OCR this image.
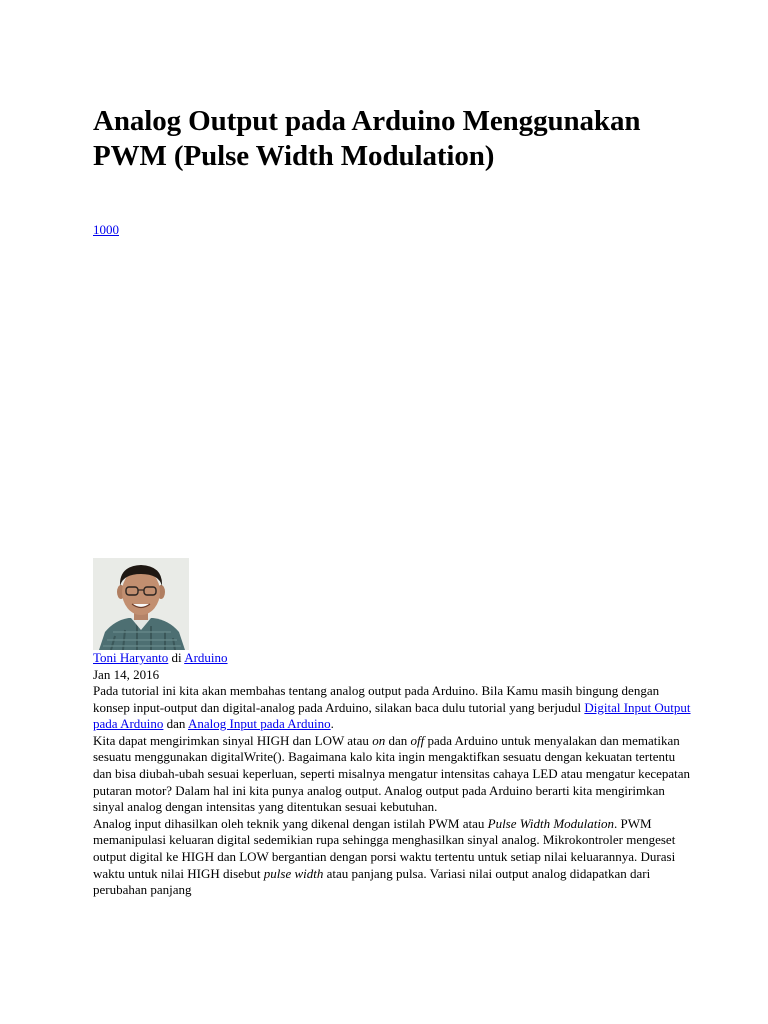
Analog Output pada Arduino Menggunakan PWM (Pulse Width Modulation)
1000
Toni Haryanto di Arduino
Jan 14, 2016

Pada tutorial ini kita akan membahas tentang analog output pada Arduino. Bila Kamu masih bingung dengan konsep input-output dan digital-analog pada Arduino, silakan baca dulu tutorial yang berjudul Digital Input Output pada Arduino dan Analog Input pada Arduino.

Kita dapat mengirimkan sinyal HIGH dan LOW atau on dan off pada Arduino untuk menyalakan dan mematikan sesuatu menggunakan digitalWrite(). Bagaimana kalo kita ingin mengaktifkan sesuatu dengan kekuatan tertentu dan bisa diubah-ubah sesuai keperluan, seperti misalnya mengatur intensitas cahaya LED atau mengatur kecepatan putaran motor? Dalam hal ini kita punya analog output. Analog output pada Arduino berarti kita mengirimkan sinyal analog dengan intensitas yang ditentukan sesuai kebutuhan.

Analog input dihasilkan oleh teknik yang dikenal dengan istilah PWM atau Pulse Width Modulation. PWM memanipulasi keluaran digital sedemikian rupa sehingga menghasilkan sinyal analog. Mikrokontroler mengeset output digital ke HIGH dan LOW bergantian dengan porsi waktu tertentu untuk setiap nilai keluarannya. Durasi waktu untuk nilai HIGH disebut pulse width atau panjang pulsa. Variasi nilai output analog didapatkan dari perubahan panjang
